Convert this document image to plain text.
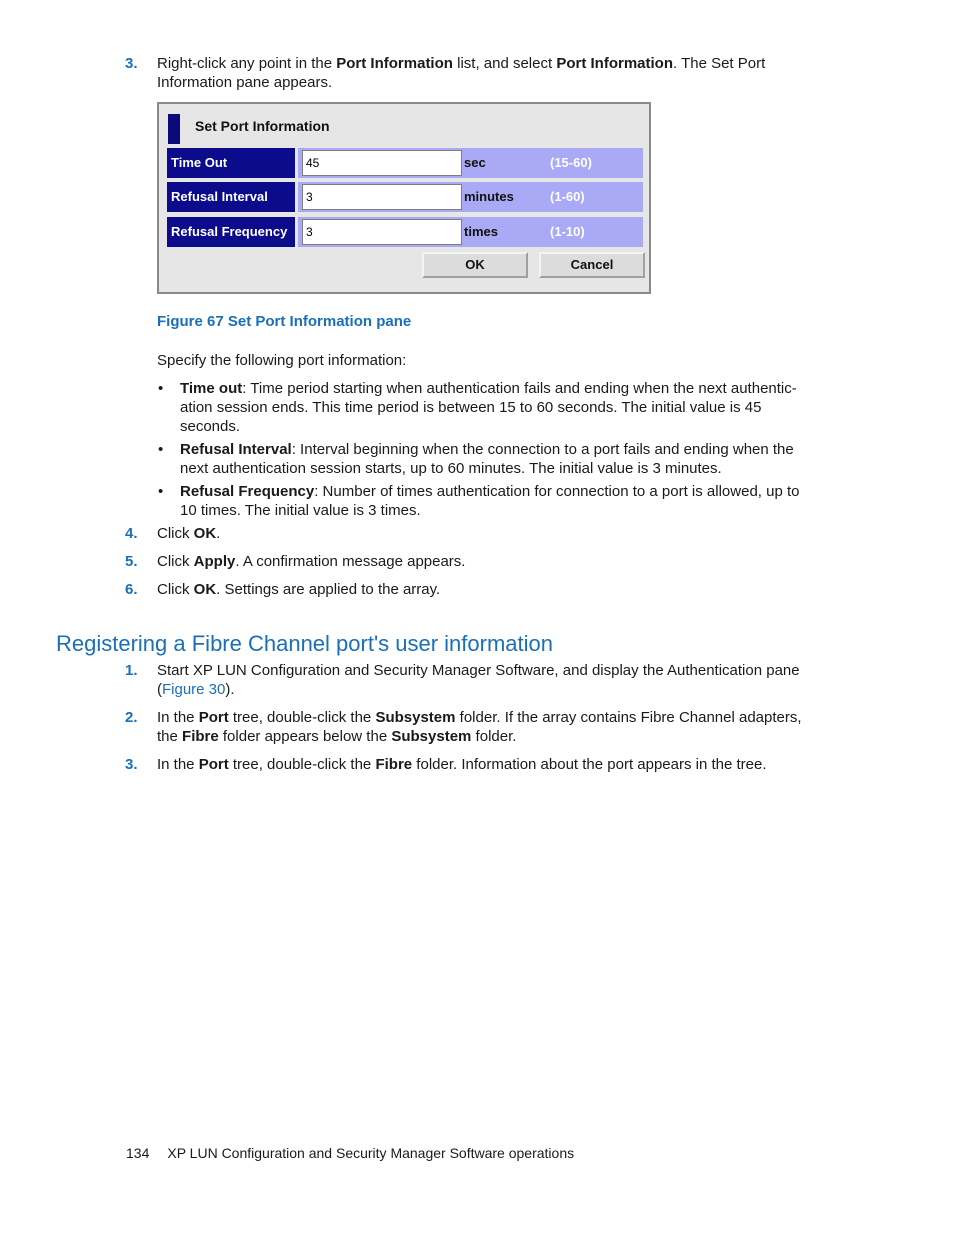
3. Right-click any point in the Port Information list, and select Port Information. The Set Port
Information pane appears.
Set Port Information
Time Out	45	sec	(15-60)
Refusal Interval	3	minutes	(1-60)
Refusal Frequency	3	times	(1-10)
OK	Cancel
Figure 67 Set Port Information pane
Specify the following port information:
• Time out: Time period starting when authentication fails and ending when the next authentic-
ation session ends. This time period is between 15 to 60 seconds. The initial value is 45
seconds.
• Refusal Interval: Interval beginning when the connection to a port fails and ending when the
next authentication session starts, up to 60 minutes. The initial value is 3 minutes.
• Refusal Frequency: Number of times authentication for connection to a port is allowed, up to
10 times. The initial value is 3 times.
4. Click OK.
5. Click Apply. A confirmation message appears.
6. Click OK. Settings are applied to the array.
Registering a Fibre Channel port's user information
1. Start XP LUN Configuration and Security Manager Software, and display the Authentication pane
(Figure 30).
2. In the Port tree, double-click the Subsystem folder. If the array contains Fibre Channel adapters,
the Fibre folder appears below the Subsystem folder.
3. In the Port tree, double-click the Fibre folder. Information about the port appears in the tree.
134 XP LUN Configuration and Security Manager Software operations
